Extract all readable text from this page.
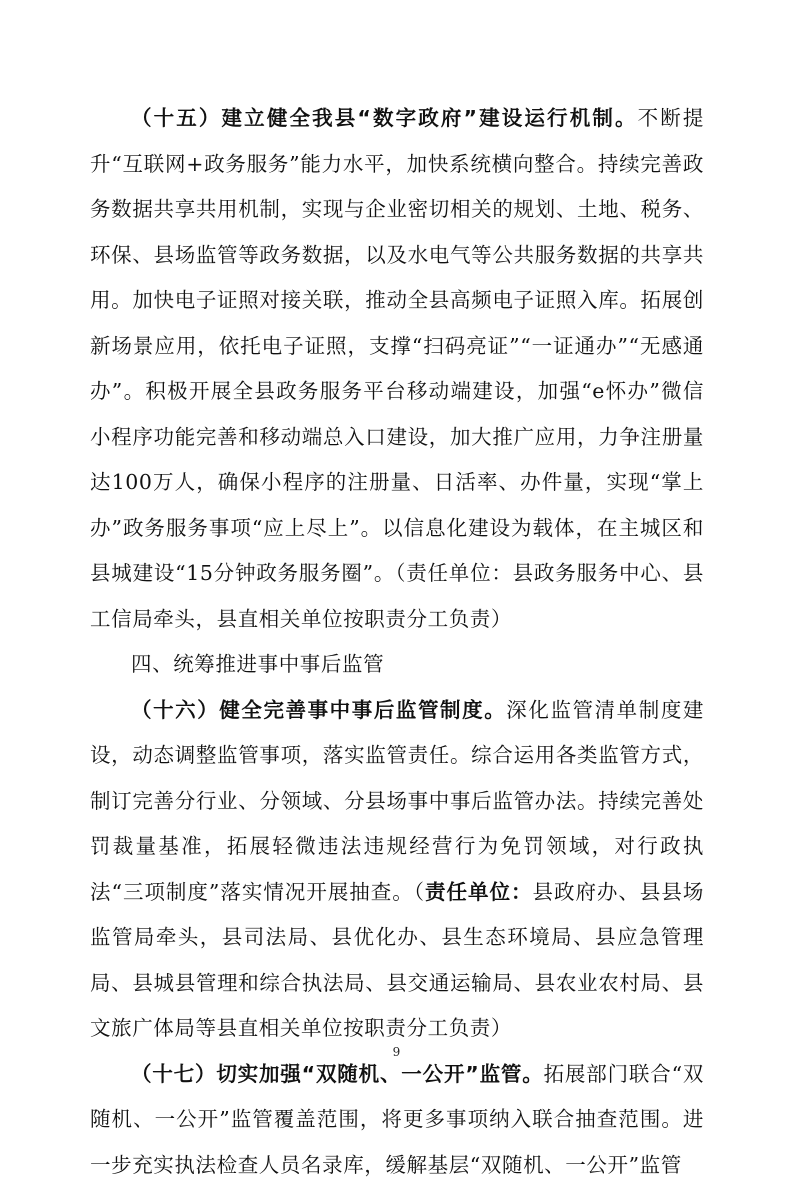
（十五）建立健全我县“数字政府”建设运行机制。不断提升“互联网+政务服务”能力水平，加快系统横向整合。持续完善政务数据共享共用机制，实现与企业密切相关的规划、土地、税务、环保、县场监管等政务数据，以及水电气等公共服务数据的共享共用。加快电子证照对接关联，推动全县高频电子证照入库。拓展创新场景应用，依托电子证照，支撑“扫码亮证”“一证通办”“无感通办”。积极开展全县政务服务平台移动端建设，加强“e怀办”微信小程序功能完善和移动端总入口建设，加大推广应用，力争注册量达100万人，确保小程序的注册量、日活率、办件量，实现“掌上办”政务服务事项“应上尽上”。以信息化建设为载体，在主城区和县城建设“15分钟政务服务圈”。（责任单位：县政务服务中心、县工信局牵头，县直相关单位按职责分工负责）

四、统筹推进事中事后监管

（十六）健全完善事中事后监管制度。深化监管清单制度建设，动态调整监管事项，落实监管责任。综合运用各类监管方式，制订完善分行业、分领域、分县场事中事后监管办法。持续完善处罚裁量基准，拓展轻微违法违规经营行为免罚领域，对行政执法“三项制度”落实情况开展抽查。（责任单位：县政府办、县县场监管局牵头，县司法局、县优化办、县生态环境局、县应急管理局、县城县管理和综合执法局、县交通运输局、县农业农村局、县文旅广体局等县直相关单位按职责分工负责）

（十七）切实加强“双随机、一公开”监管。拓展部门联合“双随机、一公开”监管覆盖范围，将更多事项纳入联合抽查范围。进一步充实执法检查人员名录库，缓解基层“双随机、一公开”监管

9
